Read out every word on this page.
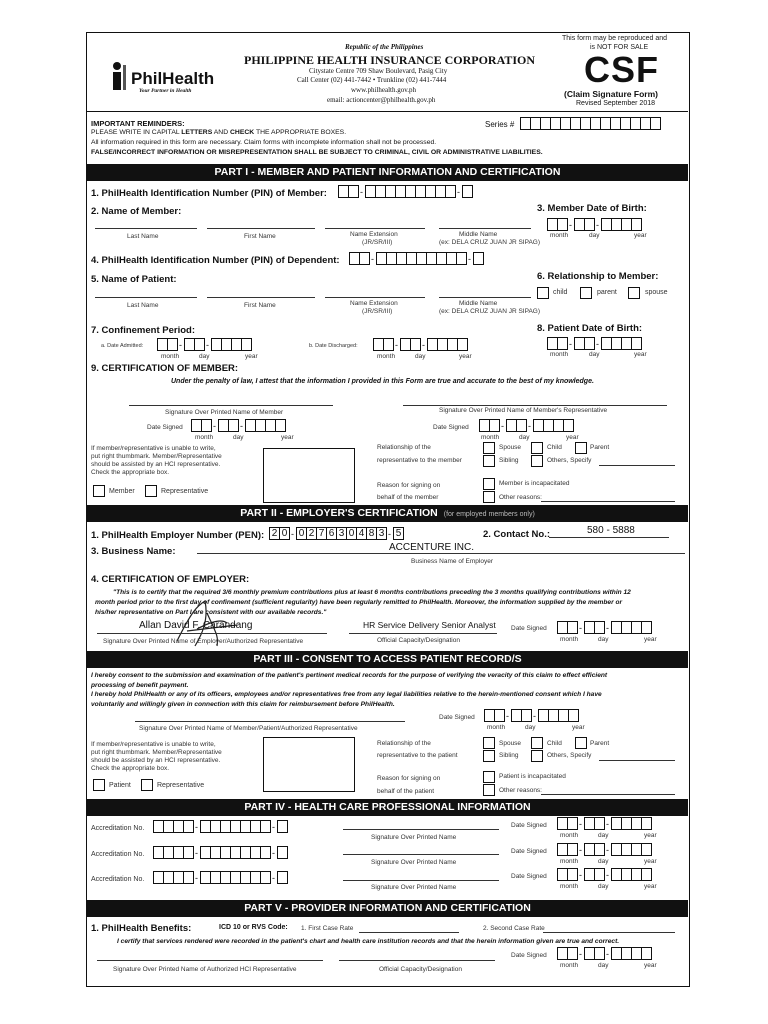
This form may be reproduced and
is NOT FOR SALE
PhilHealth
Your Partner in Health
Republic of the Philippines
PHILIPPINE HEALTH INSURANCE CORPORATION
Citystate Centre 709 Shaw Boulevard, Pasig City
Call Center (02) 441-7442 • Trunkline (02) 441-7444
www.philhealth.gov.ph
email: actioncenter@philhealth.gov.ph
CSF
(Claim Signature Form)
Revised September 2018
IMPORTANT REMINDERS:
PLEASE WRITE IN CAPITAL LETTERS AND CHECK THE APPROPRIATE BOXES.
All information required in this form are necessary. Claim forms with incomplete information shall not be processed.
FALSE/INCORRECT INFORMATION OR MISREPRESENTATION SHALL BE SUBJECT TO CRIMINAL, CIVIL OR ADMINISTRATIVE LIABILITIES.
Series #
PART I - MEMBER AND PATIENT INFORMATION AND CERTIFICATION
1. PhilHealth Identification Number (PIN) of Member:	-	-
2. Name of Member:	3. Member Date of Birth:
Last Name	First Name	Name Extension
(JR/SR/III)
Middle Name
(ex: DELA CRUZ JUAN JR SIPAG)
-	-
month	day	year
4. PhilHealth Identification Number (PIN) of Dependent:	-	-
5. Name of Patient:	6. Relationship to Member:
child	parent	spouse
Last Name	First Name	Name Extension
(JR/SR/III)
Middle Name
(ex: DELA CRUZ JUAN JR SIPAG)
7. Confinement Period:	8. Patient Date of Birth:
a. Date Admitted:	-	-
month	day	year
b. Date Discharged:	-	-
month	day	year
-	-
month	day	year
9. CERTIFICATION OF MEMBER:
Under the penalty of law, I attest that the information I provided in this Form are true and accurate to the best of my knowledge.
Signature Over Printed Name of Member	Signature Over Printed Name of Member's Representative
Date Signed	-	-
month	day	year
Date Signed	-	-
month	day	year
If member/representative is unable to write,
put right thumbmark. Member/Representative
should be assisted by an HCI representative.
Check the appropriate box.
Member	Representative
Relationship of the
representative to the member
Spouse	Child	Parent
Sibling	Others, Specify
Reason for signing on
behalf of the member
Member is incapacitated
Other reasons:
PART II - EMPLOYER'S CERTIFICATION (for employed members only)
1. PhilHealth Employer Number (PEN): 2 0 - 0 2 7 6 3 0 4 8 3 - 5	2. Contact No.:	580 - 5888
3. Business Name:	ACCENTURE INC.
Business Name of Employer
4. CERTIFICATION OF EMPLOYER:
"This is to certify that the required 3/6 monthly premium contributions plus at least 6 months contributions preceding the 3 months qualifying contributions within 12
month period prior to the first day of confinement (sufficient regularity) have been regularly remitted to PhilHealth. Moreover, the information supplied by the member or
his/her representative on Part I are consistent with our available records."
Allan David F. Carandang	HR Service Delivery Senior Analyst
Signature Over Printed Name of Employer/Authorized Representative	Official Capacity/Designation
Date Signed	-	-
month	day	year
PART III - CONSENT TO ACCESS PATIENT RECORD/S
I hereby consent to the submission and examination of the patient's pertinent medical records for the purpose of verifying the veracity of this claim to effect efficient
processing of benefit payment.
I hereby hold PhilHealth or any of its officers, employees and/or representatives free from any legal liabilities relative to the herein-mentioned consent which I have
voluntarily and willingly given in connection with this claim for reimbursement before PhilHealth.
Signature Over Printed Name of Member/Patient/Authorized Representative
Date Signed	-	-
month	day	year
If member/representative is unable to write,
put right thumbmark. Member/Representative
should be assisted by an HCI representative.
Check the appropriate box.
Patient	Representative
Relationship of the
representative to the patient
Spouse	Child	Parent
Sibling	Others, Specify
Reason for signing on
behalf of the patient
Patient is incapacitated
Other reasons:
PART IV - HEALTH CARE PROFESSIONAL INFORMATION
Accreditation No.	-	-
Signature Over Printed Name
Date Signed	-	-
month	day	year
Accreditation No.	-	-
Signature Over Printed Name
Date Signed	-	-
month	day	year
Accreditation No.	-	-
Signature Over Printed Name
Date Signed	-	-
month	day	year
PART V - PROVIDER INFORMATION AND CERTIFICATION
1. PhilHealth Benefits:	ICD 10 or RVS Code: 1. First Case Rate	2. Second Case Rate
I certify that services rendered were recorded in the patient's chart and health care institution records and that the herein information given are true and correct.
Signature Over Printed Name of Authorized HCI Representative	Official Capacity/Designation
Date Signed	-	-
month	day	year
